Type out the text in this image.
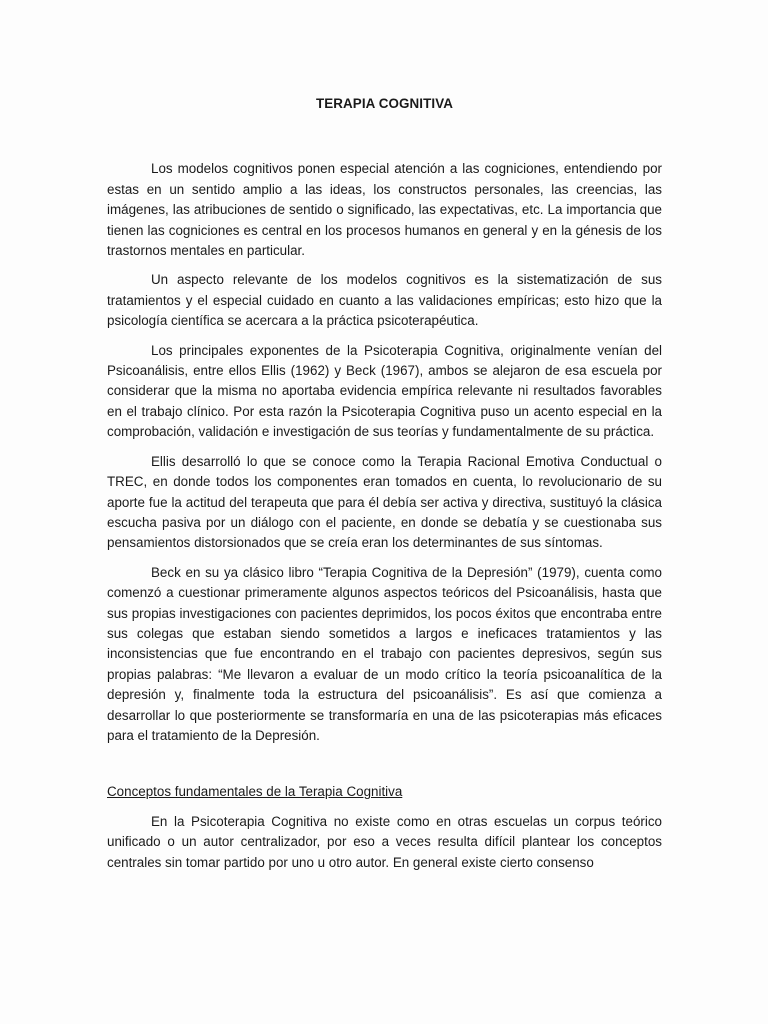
TERAPIA COGNITIVA

Los modelos cognitivos ponen especial atención a las cogniciones, entendiendo por estas en un sentido amplio a las ideas, los constructos personales, las creencias, las imágenes, las atribuciones de sentido o significado, las expectativas, etc. La importancia que tienen las cogniciones es central en los procesos humanos en general y en la génesis de los trastornos mentales en particular.

Un aspecto relevante de los modelos cognitivos es la sistematización de sus tratamientos y el especial cuidado en cuanto a las validaciones empíricas; esto hizo que la psicología científica se acercara a la práctica psicoterapéutica.

Los principales exponentes de la Psicoterapia Cognitiva, originalmente venían del Psicoanálisis, entre ellos Ellis (1962) y Beck (1967), ambos se alejaron de esa escuela por considerar que la misma no aportaba evidencia empírica relevante ni resultados favorables en el trabajo clínico. Por esta razón la Psicoterapia Cognitiva puso un acento especial en la comprobación, validación e investigación de sus teorías y fundamentalmente de su práctica.

Ellis desarrolló lo que se conoce como la Terapia Racional Emotiva Conductual o TREC, en donde todos los componentes eran tomados en cuenta, lo revolucionario de su aporte fue la actitud del terapeuta que para él debía ser activa y directiva, sustituyó la clásica escucha pasiva por un diálogo con el paciente, en donde se debatía y se cuestionaba sus pensamientos distorsionados que se creía eran los determinantes de sus síntomas.

Beck en su ya clásico libro “Terapia Cognitiva de la Depresión” (1979), cuenta como comenzó a cuestionar primeramente algunos aspectos teóricos del Psicoanálisis, hasta que sus propias investigaciones con pacientes deprimidos, los pocos éxitos que encontraba entre sus colegas que estaban siendo sometidos a largos e ineficaces tratamientos y las inconsistencias que fue encontrando en el trabajo con pacientes depresivos, según sus propias palabras: “Me llevaron a evaluar de un modo crítico la teoría psicoanalítica de la depresión y, finalmente toda la estructura del psicoanálisis”. Es así que comienza a desarrollar lo que posteriormente se transformaría en una de las psicoterapias más eficaces para el tratamiento de la Depresión.

Conceptos fundamentales de la Terapia Cognitiva

En la Psicoterapia Cognitiva no existe como en otras escuelas un corpus teórico unificado o un autor centralizador, por eso a veces resulta difícil plantear los conceptos centrales sin tomar partido por uno u otro autor. En general existe cierto consenso
